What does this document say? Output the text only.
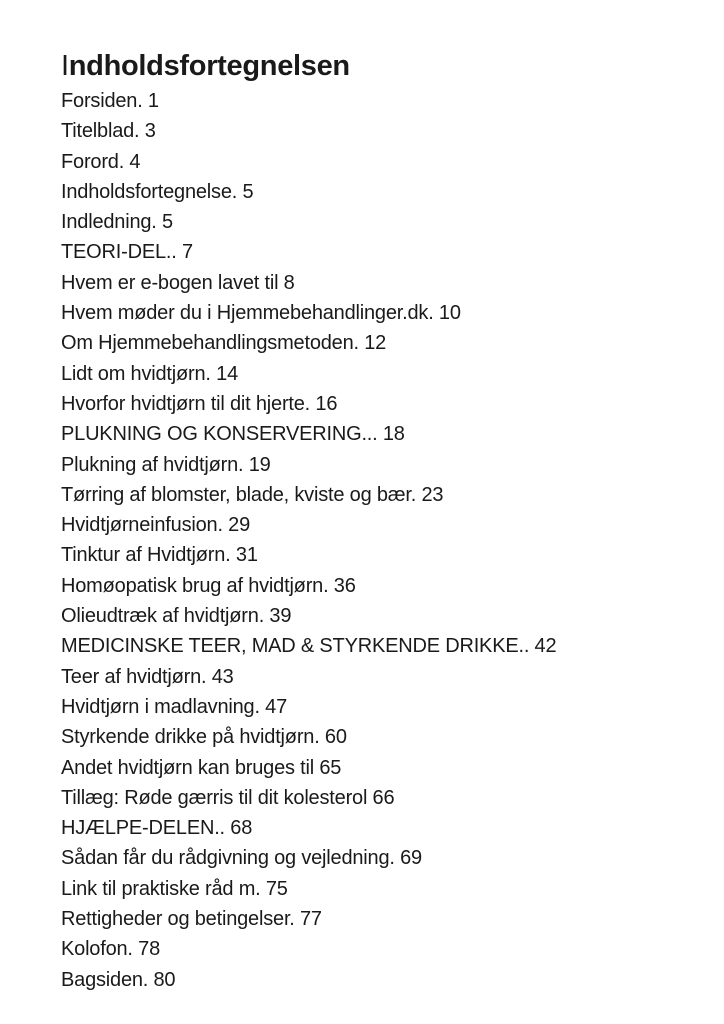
Indholdsfortegnelsen
Forsiden. 1
Titelblad. 3
Forord. 4
Indholdsfortegnelse. 5
Indledning. 5
TEORI-DEL.. 7
Hvem er e-bogen lavet til 8
Hvem møder du i Hjemmebehandlinger.dk. 10
Om Hjemmebehandlingsmetoden. 12
Lidt om hvidtjørn. 14
Hvorfor hvidtjørn til dit hjerte. 16
PLUKNING OG KONSERVERING... 18
Plukning af hvidtjørn. 19
Tørring af blomster, blade, kviste og bær. 23
Hvidtjørneinfusion. 29
Tinktur af Hvidtjørn. 31
Homøopatisk brug af hvidtjørn. 36
Olieudtræk af hvidtjørn. 39
MEDICINSKE TEER, MAD & STYRKENDE DRIKKE.. 42
Teer af hvidtjørn. 43
Hvidtjørn i madlavning. 47
Styrkende drikke på hvidtjørn. 60
Andet hvidtjørn kan bruges til 65
Tillæg: Røde gærris til dit kolesterol 66
HJÆLPE-DELEN.. 68
Sådan får du rådgivning og vejledning. 69
Link til praktiske råd m. 75
Rettigheder og betingelser. 77
Kolofon. 78
Bagsiden. 80
